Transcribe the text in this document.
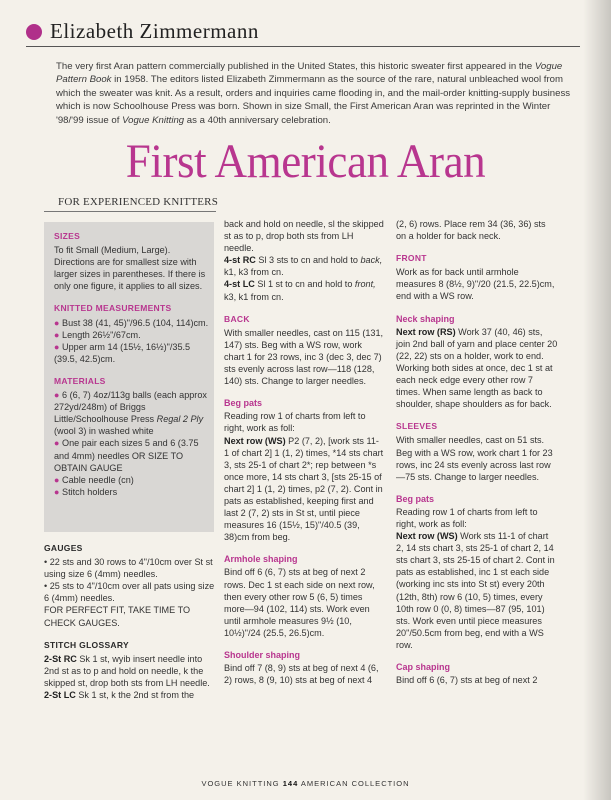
Elizabeth Zimmermann

The very first Aran pattern commercially published in the United States, this historic sweater first appeared in the Vogue Pattern Book in 1958. The editors listed Elizabeth Zimmermann as the source of the rare, natural unbleached wool from which the sweater was knit. As a result, orders and inquiries came flooding in, and the mail-order knitting-supply business which is now Schoolhouse Press was born. Shown in size Small, the First American Aran was reprinted in the Winter '98/'99 issue of Vogue Knitting as a 40th anniversary celebration.

First American Aran
FOR EXPERIENCED KNITTERS

SIZES

To fit Small (Medium, Large). Directions are for smallest size with larger sizes in parentheses. If there is only one figure, it applies to all sizes.

KNITTED MEASUREMENTS

● Bust 38 (41, 45)"/96.5 (104, 114)cm.

● Length 26½"/67cm.

● Upper arm 14 (15½, 16½)"/35.5 (39.5, 42.5)cm.

MATERIALS

● 6 (6, 7) 4oz/113g balls (each approx 272yd/248m) of Briggs Little/Schoolhouse Press Regal 2 Ply (wool 3) in washed white

● One pair each sizes 5 and 6 (3.75 and 4mm) needles OR SIZE TO OBTAIN GAUGE

● Cable needle (cn)

● Stitch holders

GAUGES

• 22 sts and 30 rows to 4"/10cm over St st using size 6 (4mm) needles.

• 25 sts to 4"/10cm over all pats using size 6 (4mm) needles.

FOR PERFECT FIT, TAKE TIME TO CHECK GAUGES.

STITCH GLOSSARY

2-St RC Sk 1 st, wyib insert needle into 2nd st as to p and hold on needle, k the skipped st, drop both sts from LH needle.

2-St LC Sk 1 st, k the 2nd st from the

back and hold on needle, sl the skipped st as to p, drop both sts from LH needle.

4-st RC Sl 3 sts to cn and hold to back, k1, k3 from cn.

4-st LC Sl 1 st to cn and hold to front, k3, k1 from cn.

BACK

With smaller needles, cast on 115 (131, 147) sts. Beg with a WS row, work chart 1 for 23 rows, inc 3 (dec 3, dec 7) sts evenly across last row—118 (128, 140) sts. Change to larger needles.

Beg pats

Reading row 1 of charts from left to right, work as foll:

Next row (WS) P2 (7, 2), [work sts 11-1 of chart 2] 1 (1, 2) times, *14 sts chart 3, sts 25-1 of chart 2*; rep between *s once more, 14 sts chart 3, [sts 25-15 of chart 2] 1 (1, 2) times, p2 (7, 2). Cont in pats as established, keeping first and last 2 (7, 2) sts in St st, until piece measures 16 (15½, 15)"/40.5 (39, 38)cm from beg.

Armhole shaping

Bind off 6 (6, 7) sts at beg of next 2 rows. Dec 1 st each side on next row, then every other row 5 (6, 5) times more—94 (102, 114) sts. Work even until armhole measures 9½ (10, 10½)"/24 (25.5, 26.5)cm.

Shoulder shaping

Bind off 7 (8, 9) sts at beg of next 4 (6, 2) rows, 8 (9, 10) sts at beg of next 4

(2, 6) rows. Place rem 34 (36, 36) sts on a holder for back neck.

FRONT

Work as for back until armhole measures 8 (8½, 9)"/20 (21.5, 22.5)cm, end with a WS row.

Neck shaping

Next row (RS) Work 37 (40, 46) sts, join 2nd ball of yarn and place center 20 (22, 22) sts on a holder, work to end. Working both sides at once, dec 1 st at each neck edge every other row 7 times. When same length as back to shoulder, shape shoulders as for back.

SLEEVES

With smaller needles, cast on 51 sts. Beg with a WS row, work chart 1 for 23 rows, inc 24 sts evenly across last row—75 sts. Change to larger needles.

Beg pats

Reading row 1 of charts from left to right, work as foll:

Next row (WS) Work sts 11-1 of chart 2, 14 sts chart 3, sts 25-1 of chart 2, 14 sts chart 3, sts 25-15 of chart 2. Cont in pats as established, inc 1 st each side (working inc sts into St st) every 20th (12th, 8th) row 6 (10, 5) times, every 10th row 0 (0, 8) times—87 (95, 101) sts. Work even until piece measures 20"/50.5cm from beg, end with a WS row.

Cap shaping

Bind off 6 (6, 7) sts at beg of next 2

VOGUE KNITTING 144 AMERICAN COLLECTION
